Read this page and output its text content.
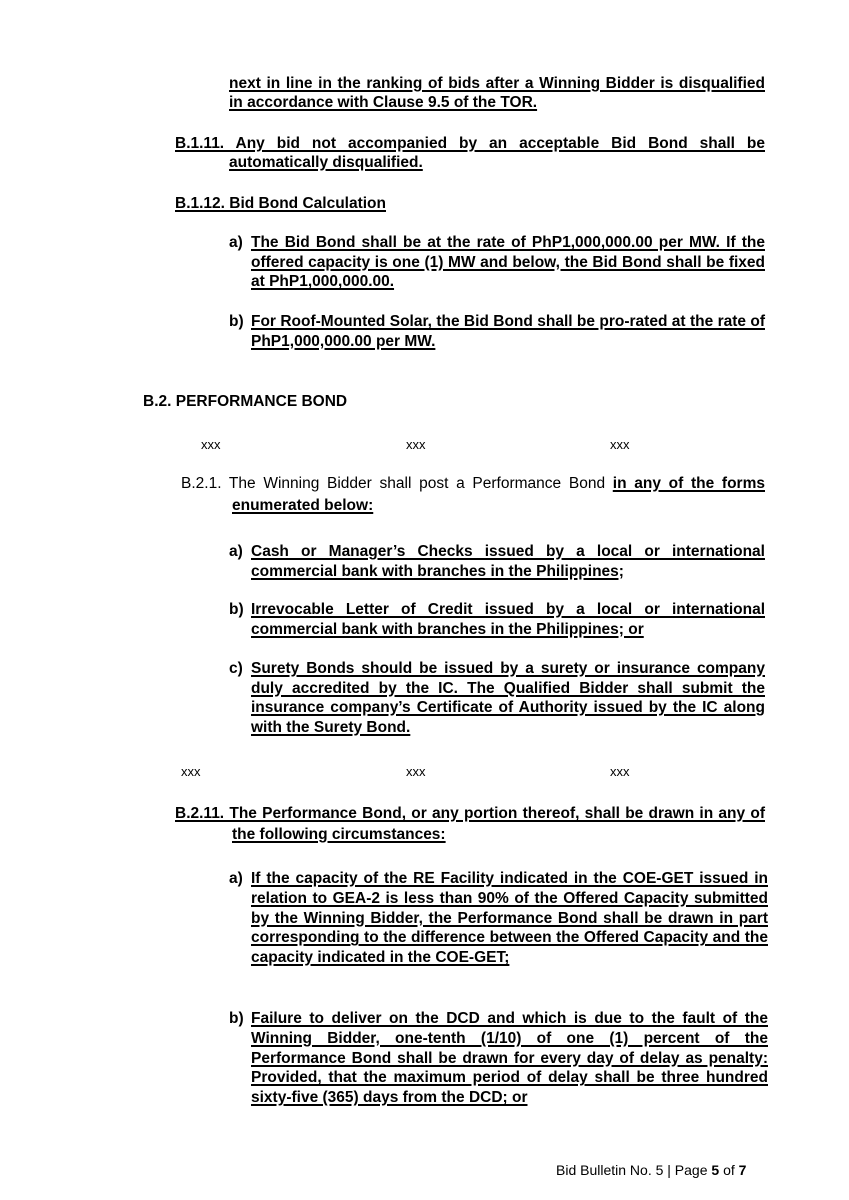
next in line in the ranking of bids after a Winning Bidder is disqualified in accordance with Clause 9.5 of the TOR.
B.1.11. Any bid not accompanied by an acceptable Bid Bond shall be automatically disqualified.
B.1.12. Bid Bond Calculation
a) The Bid Bond shall be at the rate of PhP1,000,000.00 per MW. If the offered capacity is one (1) MW and below, the Bid Bond shall be fixed at PhP1,000,000.00.
b) For Roof-Mounted Solar, the Bid Bond shall be pro-rated at the rate of PhP1,000,000.00 per MW.
B.2. PERFORMANCE BOND
xxx	xxx	xxx
B.2.1. The Winning Bidder shall post a Performance Bond in any of the forms enumerated below:
a) Cash or Manager’s Checks issued by a local or international commercial bank with branches in the Philippines;
b) Irrevocable Letter of Credit issued by a local or international commercial bank with branches in the Philippines; or
c) Surety Bonds should be issued by a surety or insurance company duly accredited by the IC. The Qualified Bidder shall submit the insurance company’s Certificate of Authority issued by the IC along with the Surety Bond.
xxx	xxx	xxx
B.2.11. The Performance Bond, or any portion thereof, shall be drawn in any of the following circumstances:
a) If the capacity of the RE Facility indicated in the COE-GET issued in relation to GEA-2 is less than 90% of the Offered Capacity submitted by the Winning Bidder, the Performance Bond shall be drawn in part corresponding to the difference between the Offered Capacity and the capacity indicated in the COE-GET;
b) Failure to deliver on the DCD and which is due to the fault of the Winning Bidder, one-tenth (1/10) of one (1) percent of the Performance Bond shall be drawn for every day of delay as penalty: Provided, that the maximum period of delay shall be three hundred sixty-five (365) days from the DCD; or
Bid Bulletin No. 5 | Page 5 of 7
